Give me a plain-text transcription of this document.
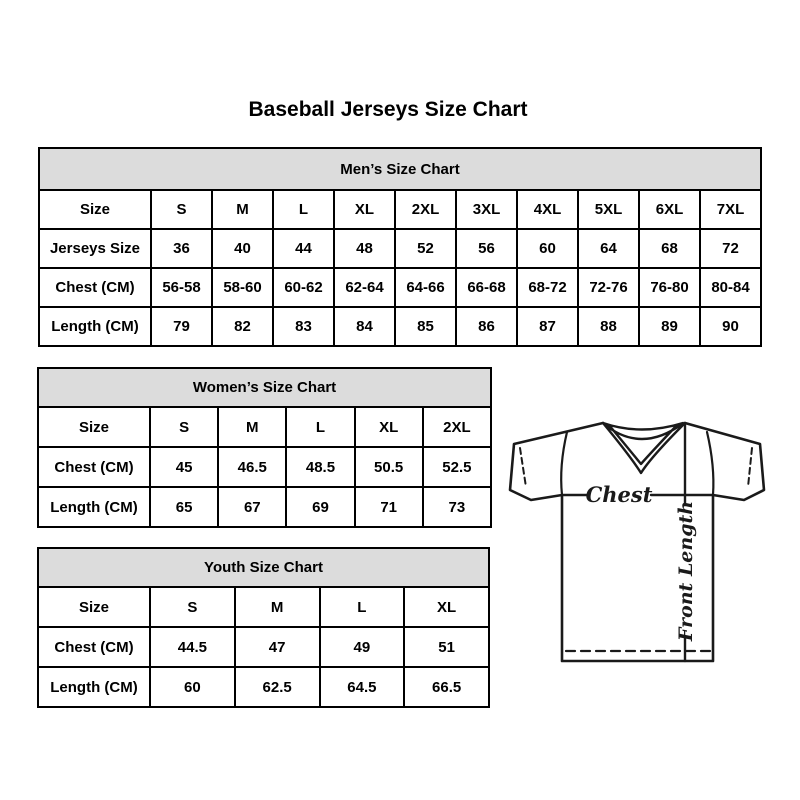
Baseball Jerseys Size Chart
Men’s Size Chart										
Size	S	M	L	XL	2XL	3XL	4XL	5XL	6XL	7XL
Jerseys Size	36	40	44	48	52	56	60	64	68	72
Chest (CM)	56-58	58-60	60-62	62-64	64-66	66-68	68-72	72-76	76-80	80-84
Length (CM)	79	82	83	84	85	86	87	88	89	90
Women’s Size Chart					
Size	S	M	L	XL	2XL
Chest (CM)	45	46.5	48.5	50.5	52.5
Length (CM)	65	67	69	71	73
Youth Size Chart				
Size	S	M	L	XL
Chest (CM)	44.5	47	49	51
Length (CM)	60	62.5	64.5	66.5
Chest
Front Length
